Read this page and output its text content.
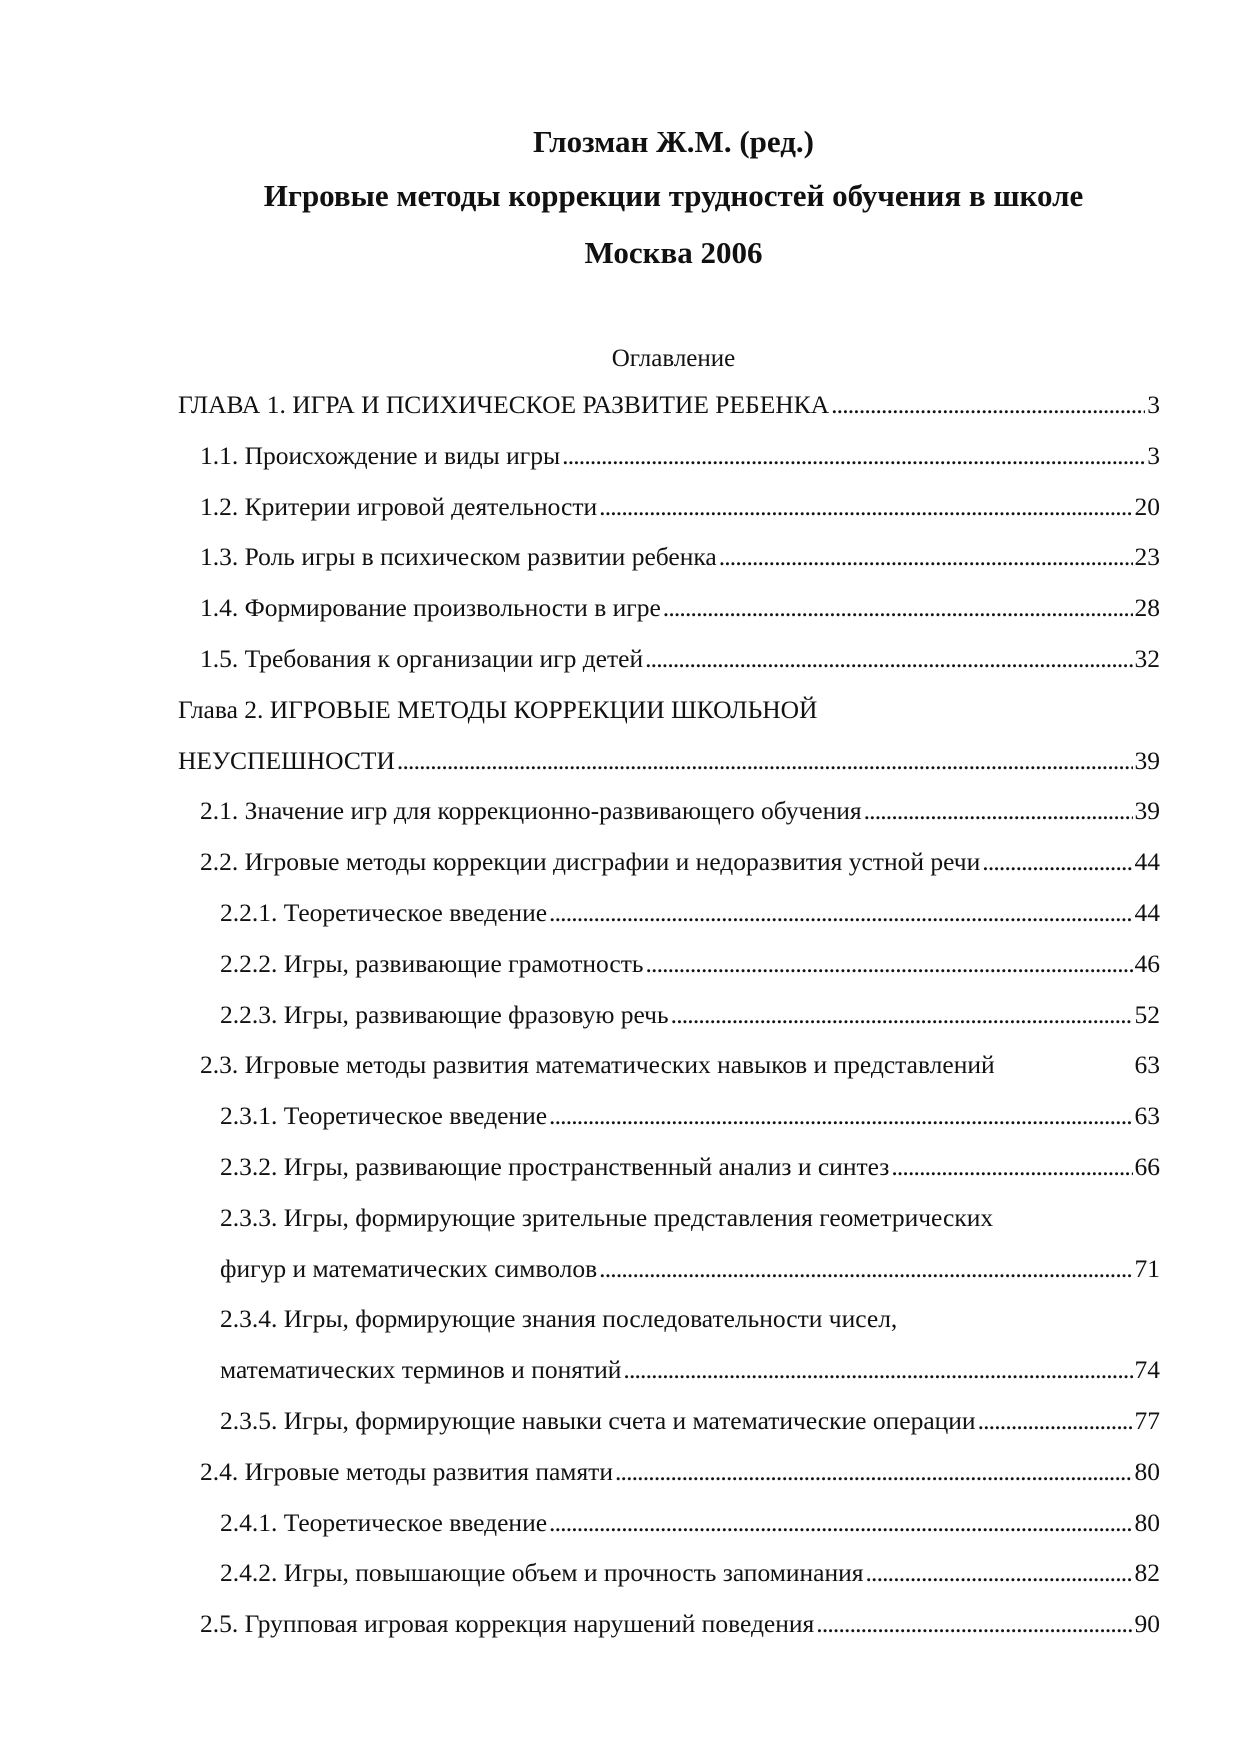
Глозман Ж.М. (ред.)
Игровые методы коррекции трудностей обучения в школе
Москва 2006
Оглавление
ГЛАВА 1. ИГРА И ПСИХИЧЕСКОЕ РАЗВИТИЕ РЕБЕНКА . . .	3
1.1. Происхождение и виды игры . . .	3
1.2. Критерии игровой деятельности . . .	20
1.3. Роль игры в психическом развитии ребенка . . .	23
1.4. Формирование произвольности в игре . . .	28
1.5. Требования к организации игр детей . . .	32
Глава 2. ИГРОВЫЕ МЕТОДЫ КОРРЕКЦИИ ШКОЛЬНОЙ
НЕУСПЕШНОСТИ . . .	39
2.1. Значение игр для коррекционно-развивающего обучения . . .	39
2.2. Игровые методы коррекции дисграфии и недоразвития устной речи . . .	44
2.2.1. Теоретическое введение . . .	44
2.2.2. Игры, развивающие грамотность . . .	46
2.2.3. Игры, развивающие фразовую речь . . .	52
2.3. Игровые методы развития математических навыков и представлений	63
2.3.1. Теоретическое введение . . .	63
2.3.2. Игры, развивающие пространственный анализ и синтез . . .	66
2.3.3. Игры, формирующие зрительные представления геометрических
фигур и математических символов . . .	71
2.3.4. Игры, формирующие знания последовательности чисел,
математических терминов и понятий . . .	74
2.3.5. Игры, формирующие навыки счета и математические операции . . .	77
2.4. Игровые методы развития памяти . . .	80
2.4.1. Теоретическое введение . . .	80
2.4.2. Игры, повышающие объем и прочность запоминания . . .	82
2.5. Групповая игровая коррекция нарушений поведения . . .	90
